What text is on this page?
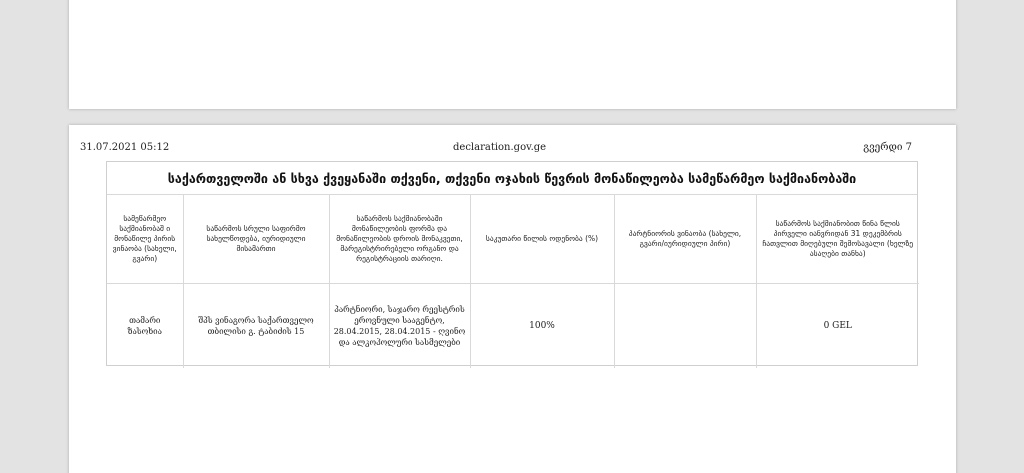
31.07.2021 05:12	declaration.gov.ge	გვერდი 7
საქართველოში ან სხვა ქვეყანაში თქვენი, თქვენი ოჯახის წევრის მონაწილეობა სამეწარმეო საქმიანობაში
სამეწარმეო საქმიანობაშ ი მონაწილე პირის ვინაობა (სახელი, გვარი)	საწარმოს სრული საფირმო სახელწოდება, იურიდიული მისამართი	საწარმოს საქმიანობაში მონაწილეობის ფორმა და მონაწილეობის დროის მონაკვეთი, მარეგისტრირებელი ორგანო და რეგისტრაციის თარიღი.	საკუთარი წილის ოდენობა (%)	პარტნიორის ვინაობა (სახელი, გვარი/იურიდიული პირი)	საწარმოს საქმიანობით წინა წლის პირველი იანვრიდან 31 დეკემბრის ჩათვლით მიღებული შემოსავალი (ხელზე ასაღები თანხა)
თამარი ზასოხია	შპს ვინაგორა საქართველო თბილისი გ. ტაბიძის 15	პარტნიორი, საჯარო რეესტრის ეროვნული სააგენტო, 28.04.2015, 28.04.2015 - ღვინო და ალკოჰოლური სასმელები	100%		0 GEL
